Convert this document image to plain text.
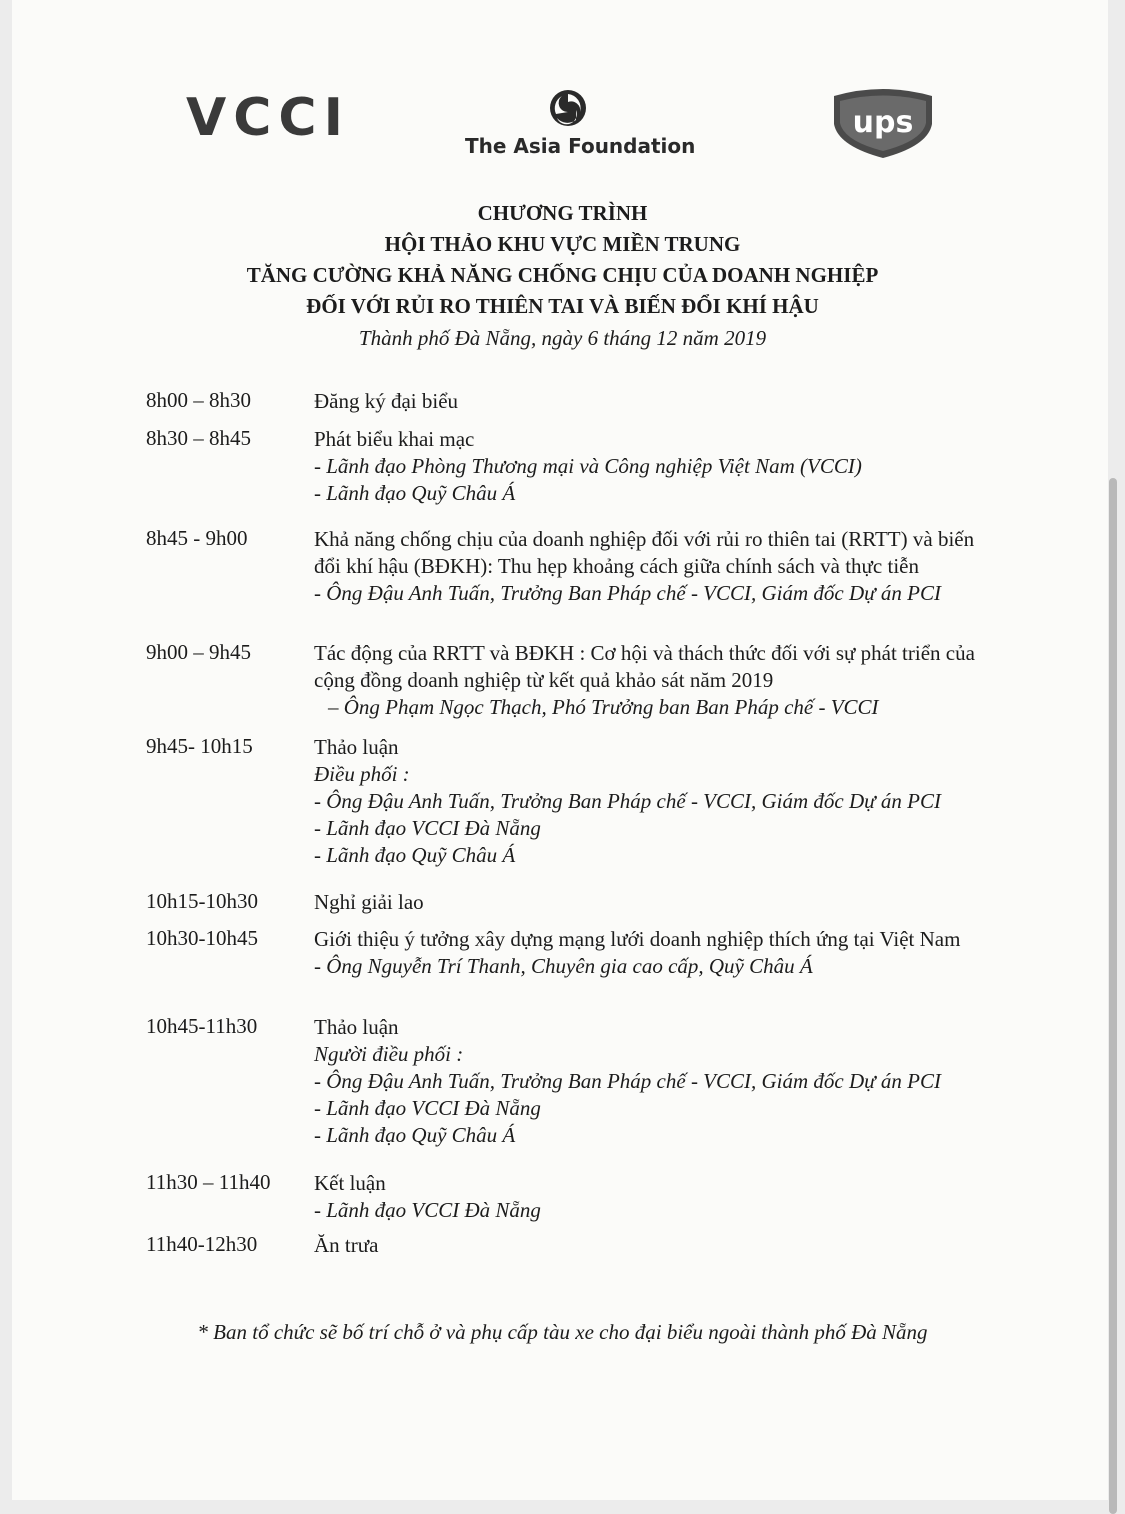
VCCI	The Asia Foundation
ups

CHƯƠNG TRÌNH

HỘI THẢO KHU VỰC MIỀN TRUNG

TĂNG CƯỜNG KHẢ NĂNG CHỐNG CHỊU CỦA DOANH NGHIỆP

ĐỐI VỚI RỦI RO THIÊN TAI VÀ BIẾN ĐỔI KHÍ HẬU

Thành phố Đà Nẵng, ngày 6 tháng 12 năm 2019

8h00 – 8h30	Đăng ký đại biểu

8h30 – 8h45	Phát biểu khai mạc

- Lãnh đạo Phòng Thương mại và Công nghiệp Việt Nam (VCCI)

- Lãnh đạo Quỹ Châu Á

8h45 - 9h00	Khả năng chống chịu của doanh nghiệp đối với rủi ro thiên tai (RRTT) và biến đổi khí hậu (BĐKH): Thu hẹp khoảng cách giữa chính sách và thực tiễn

- Ông Đậu Anh Tuấn, Trưởng Ban Pháp chế - VCCI, Giám đốc Dự án PCI

9h00 – 9h45	Tác động của RRTT và BĐKH : Cơ hội và thách thức đối với sự phát triển của cộng đồng doanh nghiệp từ kết quả khảo sát năm 2019

– Ông Phạm Ngọc Thạch, Phó Trưởng ban Ban Pháp chế - VCCI

9h45- 10h15	Thảo luận

Điều phối :

- Ông Đậu Anh Tuấn, Trưởng Ban Pháp chế - VCCI, Giám đốc Dự án PCI

- Lãnh đạo VCCI Đà Nẵng

- Lãnh đạo Quỹ Châu Á

10h15-10h30	Nghỉ giải lao

10h30-10h45	Giới thiệu ý tưởng xây dựng mạng lưới doanh nghiệp thích ứng tại Việt Nam

- Ông Nguyễn Trí Thanh, Chuyên gia cao cấp, Quỹ Châu Á

10h45-11h30	Thảo luận

Người điều phối :

- Ông Đậu Anh Tuấn, Trưởng Ban Pháp chế - VCCI, Giám đốc Dự án PCI

- Lãnh đạo VCCI Đà Nẵng

- Lãnh đạo Quỹ Châu Á

11h30 – 11h40 Kết luận

- Lãnh đạo VCCI Đà Nẵng

11h40-12h30	Ăn trưa

* Ban tổ chức sẽ bố trí chỗ ở và phụ cấp tàu xe cho đại biểu ngoài thành phố Đà Nẵng
